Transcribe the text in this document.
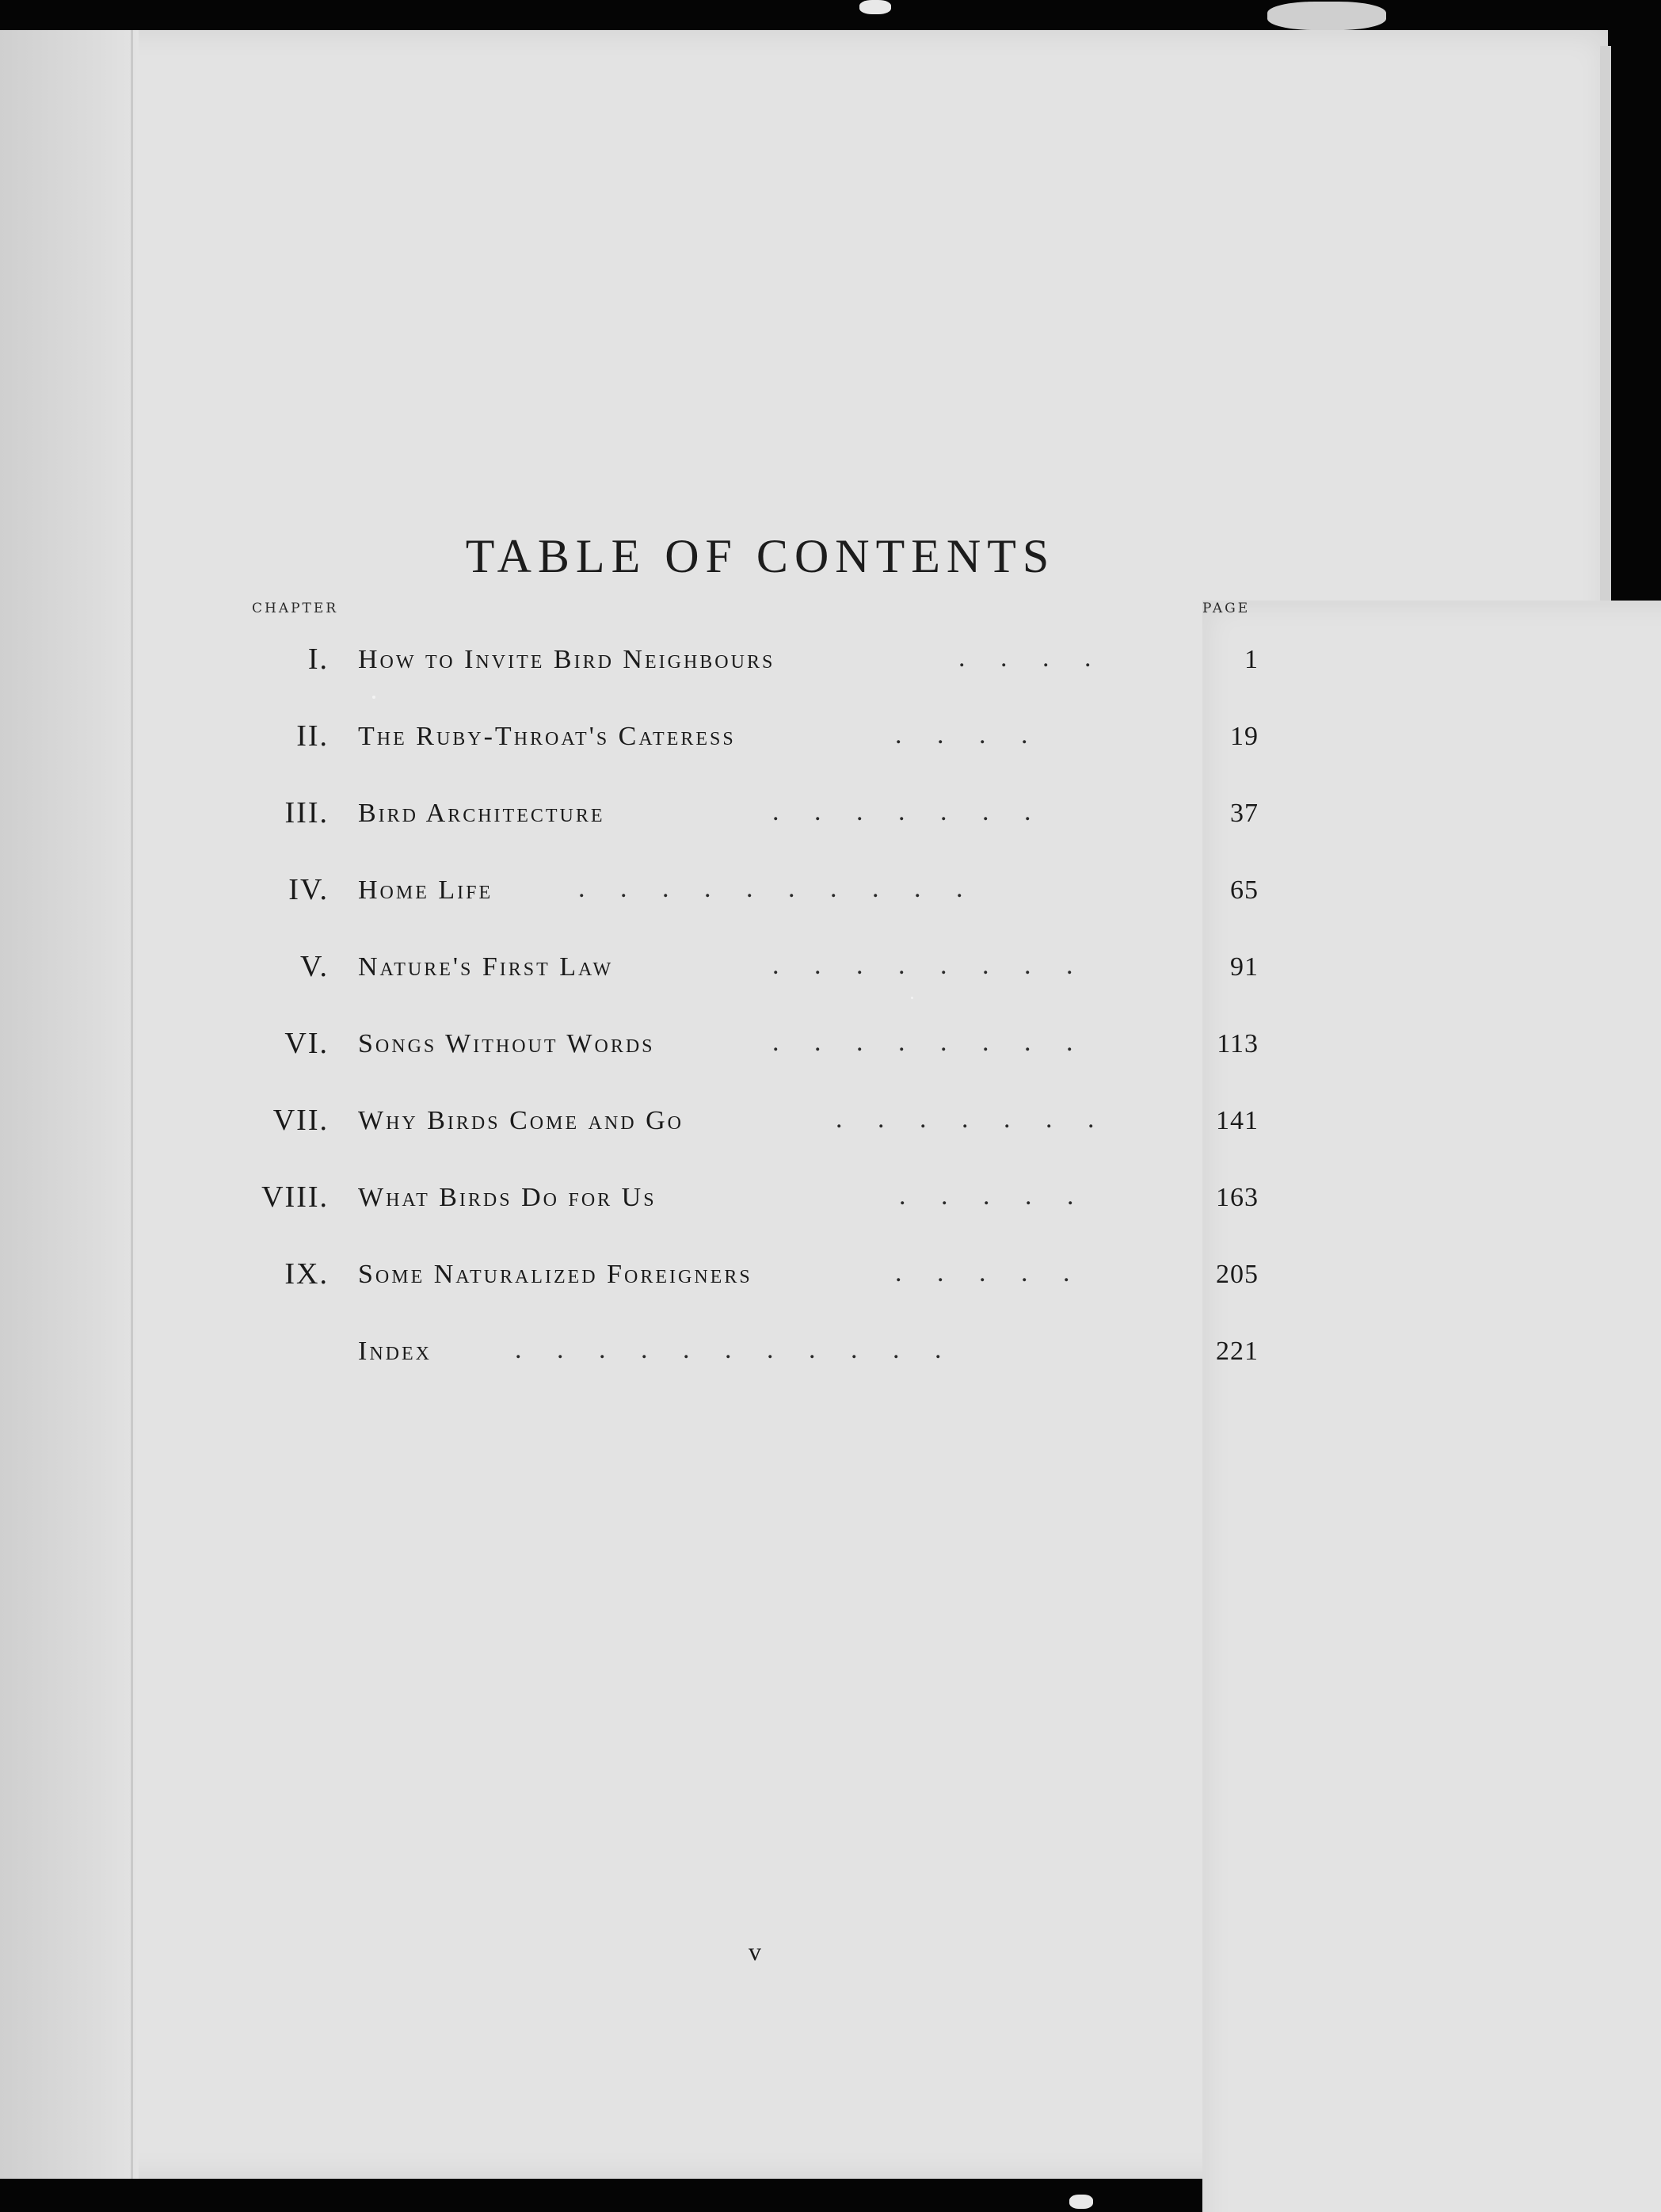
TABLE OF CONTENTS
CHAPTER	PAGE
I. How to Invite Bird Neighbours	. . . .	1
II. The Ruby-Throat's Cateress	. . . .	19
III. Bird Architecture	. . . . . . .	37
IV. Home Life	. . . . . . . . . .	65
V. Nature's First Law	. . . . . . . .	91
VI. Songs Without Words	. . . . . . . .	113
VII. Why Birds Come and Go	. . . . . . .	141
VIII. What Birds Do for Us	. . . . .	163
IX. Some Naturalized Foreigners	. . . . .	205
Index	. . . . . . . . . . .	221
v
